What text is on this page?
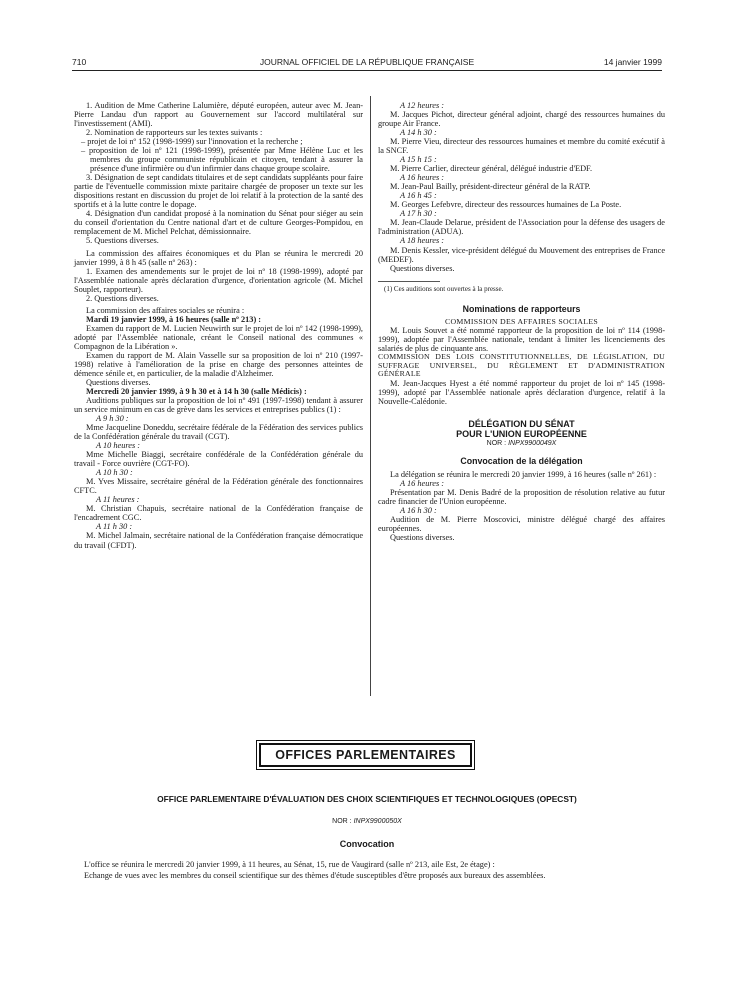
710	JOURNAL OFFICIEL DE LA RÉPUBLIQUE FRANÇAISE	14 janvier 1999

1. Audition de Mme Catherine Lalumière, député européen, auteur avec M. Jean-Pierre Landau d'un rapport au Gouvernement sur l'accord multilatéral sur l'investissement (AMI).

2. Nomination de rapporteurs sur les textes suivants :

– projet de loi nº 152 (1998-1999) sur l'innovation et la recherche ;

– proposition de loi nº 121 (1998-1999), présentée par Mme Hélène Luc et les membres du groupe communiste républicain et citoyen, tendant à assurer la présence d'une infirmière ou d'un infirmier dans chaque groupe scolaire.

3. Désignation de sept candidats titulaires et de sept candidats suppléants pour faire partie de l'éventuelle commission mixte paritaire chargée de proposer un texte sur les dispositions restant en discussion du projet de loi relatif à la protection de la santé des sportifs et à la lutte contre le dopage.

4. Désignation d'un candidat proposé à la nomination du Sénat pour siéger au sein du conseil d'orientation du Centre national d'art et de culture Georges-Pompidou, en remplacement de M. Michel Pelchat, démissionnaire.

5. Questions diverses.

La commission des affaires économiques et du Plan se réunira le mercredi 20 janvier 1999, à 8 h 45 (salle nº 263) :

1. Examen des amendements sur le projet de loi nº 18 (1998-1999), adopté par l'Assemblée nationale après déclaration d'urgence, d'orientation agricole (M. Michel Souplet, rapporteur).

2. Questions diverses.

La commission des affaires sociales se réunira :

Mardi 19 janvier 1999, à 16 heures (salle nº 213) :

Examen du rapport de M. Lucien Neuwirth sur le projet de loi nº 142 (1998-1999), adopté par l'Assemblée nationale, créant le Conseil national des communes « Compagnon de la Libération ».

Examen du rapport de M. Alain Vasselle sur sa proposition de loi nº 210 (1997-1998) relative à l'amélioration de la prise en charge des personnes atteintes de démence sénile et, en particulier, de la maladie d'Alzheimer.

Questions diverses.

Mercredi 20 janvier 1999, à 9 h 30 et à 14 h 30 (salle Médicis) :

Auditions publiques sur la proposition de loi nº 491 (1997-1998) tendant à assurer un service minimum en cas de grève dans les services et entreprises publics (1) :

A 9 h 30 :

Mme Jacqueline Doneddu, secrétaire fédérale de la Fédération des services publics de la Confédération générale du travail (CGT).

A 10 heures :

Mme Michelle Biaggi, secrétaire confédérale de la Confédération générale du travail - Force ouvrière (CGT-FO).

A 10 h 30 :

M. Yves Missaire, secrétaire général de la Fédération générale des fonctionnaires CFTC.

A 11 heures :

M. Christian Chapuis, secrétaire national de la Confédération française de l'encadrement CGC.

A 11 h 30 :

M. Michel Jalmain, secrétaire national de la Confédération française démocratique du travail (CFDT).

A 12 heures :

M. Jacques Pichot, directeur général adjoint, chargé des ressources humaines du groupe Air France.

A 14 h 30 :

M. Pierre Vieu, directeur des ressources humaines et membre du comité exécutif à la SNCF.

A 15 h 15 :

M. Pierre Carlier, directeur général, délégué industrie d'EDF.

A 16 heures :

M. Jean-Paul Bailly, président-directeur général de la RATP.

A 16 h 45 :

M. Georges Lefebvre, directeur des ressources humaines de La Poste.

A 17 h 30 :

M. Jean-Claude Delarue, président de l'Association pour la défense des usagers de l'administration (ADUA).

A 18 heures :

M. Denis Kessler, vice-président délégué du Mouvement des entreprises de France (MEDEF).

Questions diverses.

(1) Ces auditions sont ouvertes à la presse.

Nominations de rapporteurs

COMMISSION DES AFFAIRES SOCIALES

M. Louis Souvet a été nommé rapporteur de la proposition de loi nº 114 (1998-1999), adoptée par l'Assemblée nationale, tendant à limiter les licenciements des salariés de plus de cinquante ans.

COMMISSION DES LOIS CONSTITUTIONNELLES, DE LÉGISLATION, DU SUFFRAGE UNIVERSEL, DU RÈGLEMENT ET D'ADMINISTRATION GÉNÉRALE

M. Jean-Jacques Hyest a été nommé rapporteur du projet de loi nº 145 (1998-1999), adopté par l'Assemblée nationale après déclaration d'urgence, relatif à la Nouvelle-Calédonie.

DÉLÉGATION DU SÉNAT
POUR L'UNION EUROPÉENNE
NOR : INPX9900049X
Convocation de la délégation

La délégation se réunira le mercredi 20 janvier 1999, à 16 heures (salle nº 261) :

A 16 heures :

Présentation par M. Denis Badré de la proposition de résolution relative au futur cadre financier de l'Union européenne.

A 16 h 30 :

Audition de M. Pierre Moscovici, ministre délégué chargé des affaires européennes.

Questions diverses.

OFFICES PARLEMENTAIRES
OFFICE PARLEMENTAIRE D'ÉVALUATION DES CHOIX SCIENTIFIQUES ET TECHNOLOGIQUES (OPECST)
NOR : INPX9900050X
Convocation

L'office se réunira le mercredi 20 janvier 1999, à 11 heures, au Sénat, 15, rue de Vaugirard (salle nº 213, aile Est, 2e étage) :

Echange de vues avec les membres du conseil scientifique sur des thèmes d'étude susceptibles d'être proposés aux bureaux des assemblées.
